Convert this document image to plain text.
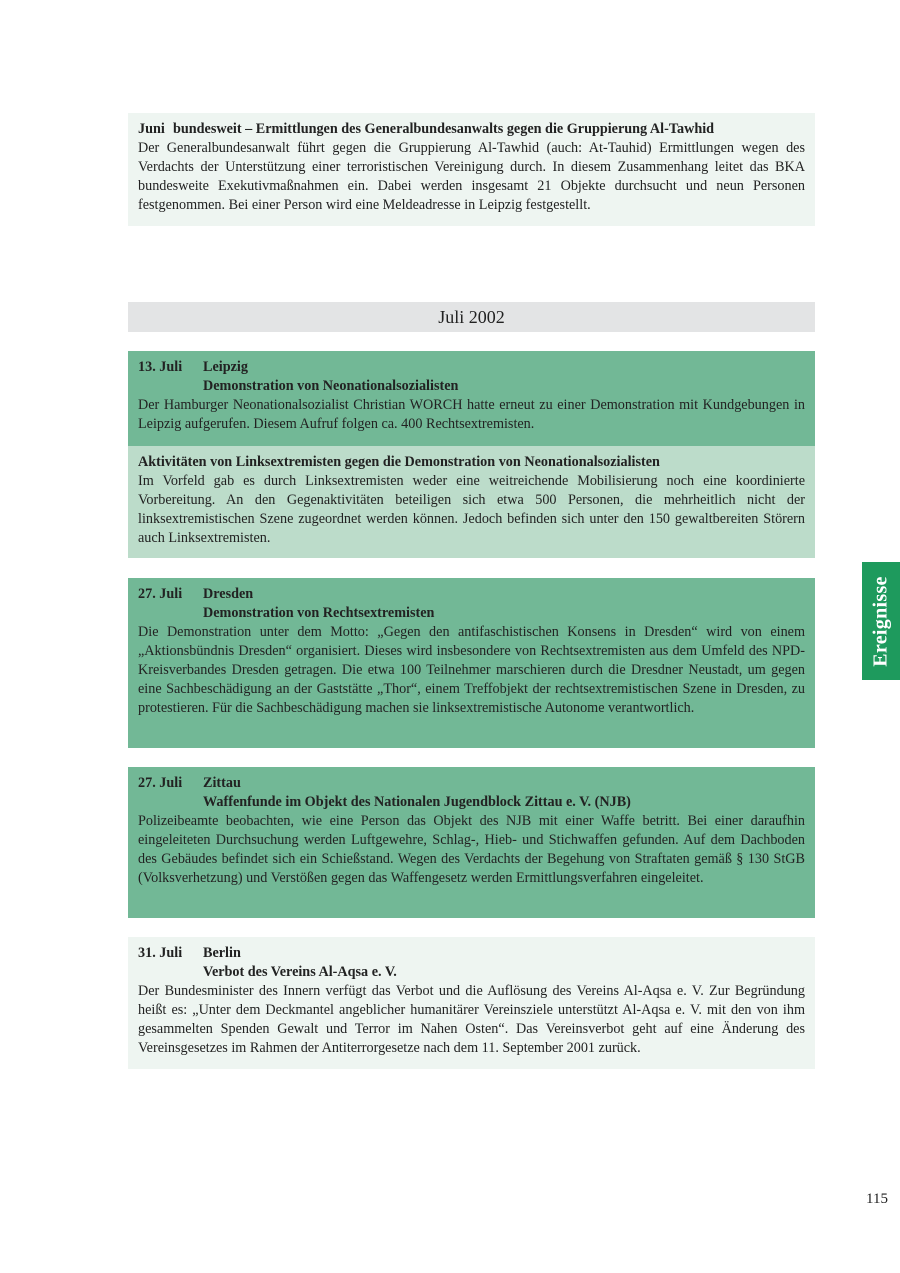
Juni bundesweit – Ermittlungen des Generalbundesanwalts gegen die Gruppierung Al-Tawhid

Der Generalbundesanwalt führt gegen die Gruppierung Al-Tawhid (auch: At-Tauhid) Ermittlungen wegen des Verdachts der Unterstützung einer terroristischen Vereinigung durch. In diesem Zusammenhang leitet das BKA bundesweite Exekutivmaßnahmen ein. Dabei werden insgesamt 21 Objekte durchsucht und neun Personen festgenommen. Bei einer Person wird eine Meldeadresse in Leipzig festgestellt.

Juli 2002
13. Juli Leipzig
Demonstration von Neonationalsozialisten

Der Hamburger Neonationalsozialist Christian WORCH hatte erneut zu einer Demonstration mit Kundgebungen in Leipzig aufgerufen. Diesem Aufruf folgen ca. 400 Rechtsextremisten.

Aktivitäten von Linksextremisten gegen die Demonstration von Neonationalsozialisten

Im Vorfeld gab es durch Linksextremisten weder eine weitreichende Mobilisierung noch eine koordinierte Vorbereitung. An den Gegenaktivitäten beteiligen sich etwa 500 Personen, die mehrheitlich nicht der linksextremistischen Szene zugeordnet werden können. Jedoch befinden sich unter den 150 gewaltbereiten Störern auch Linksextremisten.

27. Juli Dresden
Demonstration von Rechtsextremisten

Die Demonstration unter dem Motto: „Gegen den antifaschistischen Konsens in Dresden“ wird von einem „Aktionsbündnis Dresden“ organisiert. Dieses wird insbesondere von Rechtsextremisten aus dem Umfeld des NPD-Kreisverbandes Dresden getragen. Die etwa 100 Teilnehmer marschieren durch die Dresdner Neustadt, um gegen eine Sachbeschädigung an der Gaststätte „Thor“, einem Treffobjekt der rechtsextremistischen Szene in Dresden, zu protestieren. Für die Sachbeschädigung machen sie linksextremistische Autonome verantwortlich.

27. Juli Zittau
Waffenfunde im Objekt des Nationalen Jugendblock Zittau e. V. (NJB)

Polizeibeamte beobachten, wie eine Person das Objekt des NJB mit einer Waffe betritt. Bei einer daraufhin eingeleiteten Durchsuchung werden Luftgewehre, Schlag-, Hieb- und Stichwaffen gefunden. Auf dem Dachboden des Gebäudes befindet sich ein Schießstand. Wegen des Verdachts der Begehung von Straftaten gemäß § 130 StGB (Volksverhetzung) und Verstößen gegen das Waffengesetz werden Ermittlungsverfahren eingeleitet.

31. Juli Berlin
Verbot des Vereins Al-Aqsa e. V.

Der Bundesminister des Innern verfügt das Verbot und die Auflösung des Vereins Al-Aqsa e. V. Zur Begründung heißt es: „Unter dem Deckmantel angeblicher humanitärer Vereinsziele unterstützt Al-Aqsa e. V. mit den von ihm gesammelten Spenden Gewalt und Terror im Nahen Osten“. Das Vereinsverbot geht auf eine Änderung des Vereinsgesetzes im Rahmen der Antiterrorgesetze nach dem 11. September 2001 zurück.

Ereignisse
115
